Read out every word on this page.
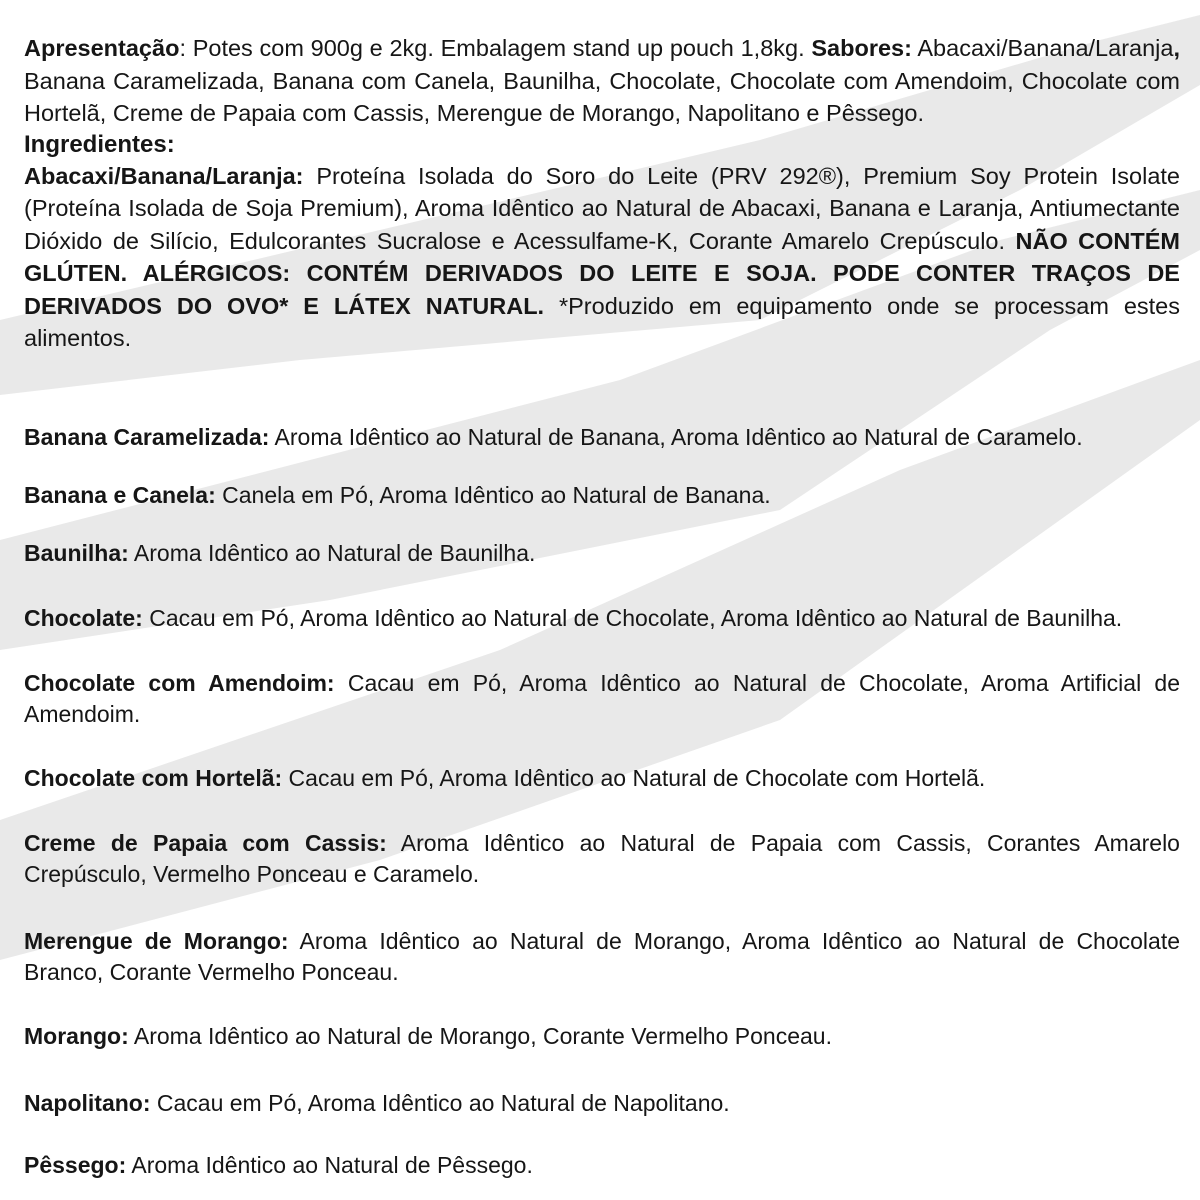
Apresentação: Potes com 900g e 2kg. Embalagem stand up pouch 1,8kg. Sabores: Abacaxi/Banana/Laranja, Banana Caramelizada, Banana com Canela, Baunilha, Chocolate, Chocolate com Amendoim, Chocolate com Hortelã, Creme de Papaia com Cassis, Merengue de Morango, Napolitano e Pêssego.

Ingredientes:

Abacaxi/Banana/Laranja: Proteína Isolada do Soro do Leite (PRV 292®), Premium Soy Protein Isolate (Proteína Isolada de Soja Premium), Aroma Idêntico ao Natural de Abacaxi, Banana e Laranja, Antiumectante Dióxido de Silício, Edulcorantes Sucralose e Acessulfame-K, Corante Amarelo Crepúsculo. NÃO CONTÉM GLÚTEN. ALÉRGICOS: CONTÉM DERIVADOS DO LEITE E SOJA. PODE CONTER TRAÇOS DE DERIVADOS DO OVO* E LÁTEX NATURAL. *Produzido em equipamento onde se processam estes alimentos.

Banana Caramelizada: Aroma Idêntico ao Natural de Banana, Aroma Idêntico ao Natural de Caramelo.

Banana e Canela: Canela em Pó, Aroma Idêntico ao Natural de Banana.

Baunilha: Aroma Idêntico ao Natural de Baunilha.

Chocolate: Cacau em Pó, Aroma Idêntico ao Natural de Chocolate, Aroma Idêntico ao Natural de Baunilha.

Chocolate com Amendoim: Cacau em Pó, Aroma Idêntico ao Natural de Chocolate, Aroma Artificial de Amendoim.

Chocolate com Hortelã: Cacau em Pó, Aroma Idêntico ao Natural de Chocolate com Hortelã.

Creme de Papaia com Cassis: Aroma Idêntico ao Natural de Papaia com Cassis, Corantes Amarelo Crepúsculo, Vermelho Ponceau e Caramelo.

Merengue de Morango: Aroma Idêntico ao Natural de Morango, Aroma Idêntico ao Natural de Chocolate Branco, Corante Vermelho Ponceau.

Morango: Aroma Idêntico ao Natural de Morango, Corante Vermelho Ponceau.

Napolitano: Cacau em Pó, Aroma Idêntico ao Natural de Napolitano.

Pêssego: Aroma Idêntico ao Natural de Pêssego.
